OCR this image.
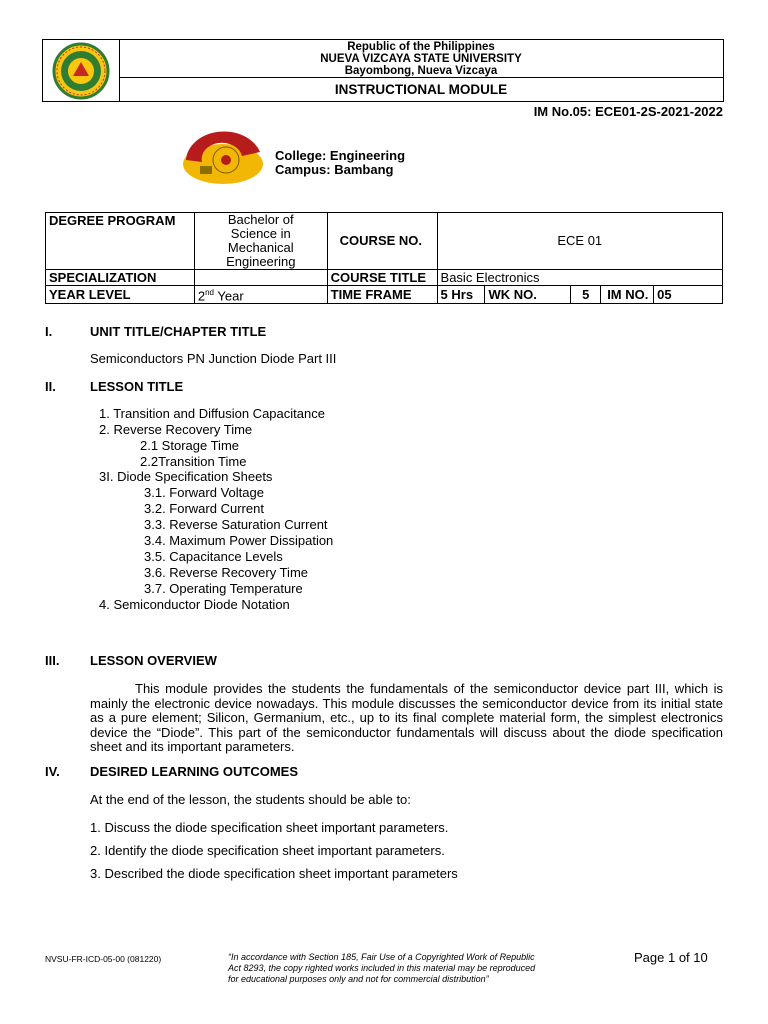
Republic of the Philippines
NUEVA VIZCAYA STATE UNIVERSITY
Bayombong, Nueva Vizcaya
INSTRUCTIONAL MODULE
IM No.05: ECE01-2S-2021-2022
College: Engineering
Campus: Bambang
DEGREE PROGRAM	Bachelor of
Science in
Mechanical
Engineering	COURSE NO.	ECE 01				
SPECIALIZATION		COURSE TITLE	Basic Electronics				
YEAR LEVEL	2nd Year	TIME FRAME	5 Hrs	WK NO.	5	IM NO.	05
I.	UNIT TITLE/CHAPTER TITLE
Semiconductors PN Junction Diode Part III
II.	LESSON TITLE
1. Transition and Diffusion Capacitance
2. Reverse Recovery Time
2.1 Storage Time
2.2Transition Time
3I. Diode Specification Sheets
3.1. Forward Voltage
3.2. Forward Current
3.3. Reverse Saturation Current
3.4. Maximum Power Dissipation
3.5. Capacitance Levels
3.6. Reverse Recovery Time
3.7. Operating Temperature
4. Semiconductor Diode Notation
III. LESSON OVERVIEW
This module provides the students the fundamentals of the semiconductor device part III, which is mainly the electronic device nowadays. This module discusses the semiconductor device from its initial state as a pure element; Silicon, Germanium, etc., up to its final complete material form, the simplest electronics device the “Diode”. This part of the semiconductor fundamentals will discuss about the diode specification sheet and its important parameters.
IV. DESIRED LEARNING OUTCOMES
At the end of the lesson, the students should be able to:
1. Discuss the diode specification sheet important parameters.
2. Identify the diode specification sheet important parameters.
3. Described the diode specification sheet important parameters
NVSU-FR-ICD-05-00 (081220)	“In accordance with Section 185, Fair Use of a Copyrighted Work of Republic
Act 8293, the copy righted works included in this material may be reproduced
for educational purposes only and not for commercial distribution”
Page 1 of 10
